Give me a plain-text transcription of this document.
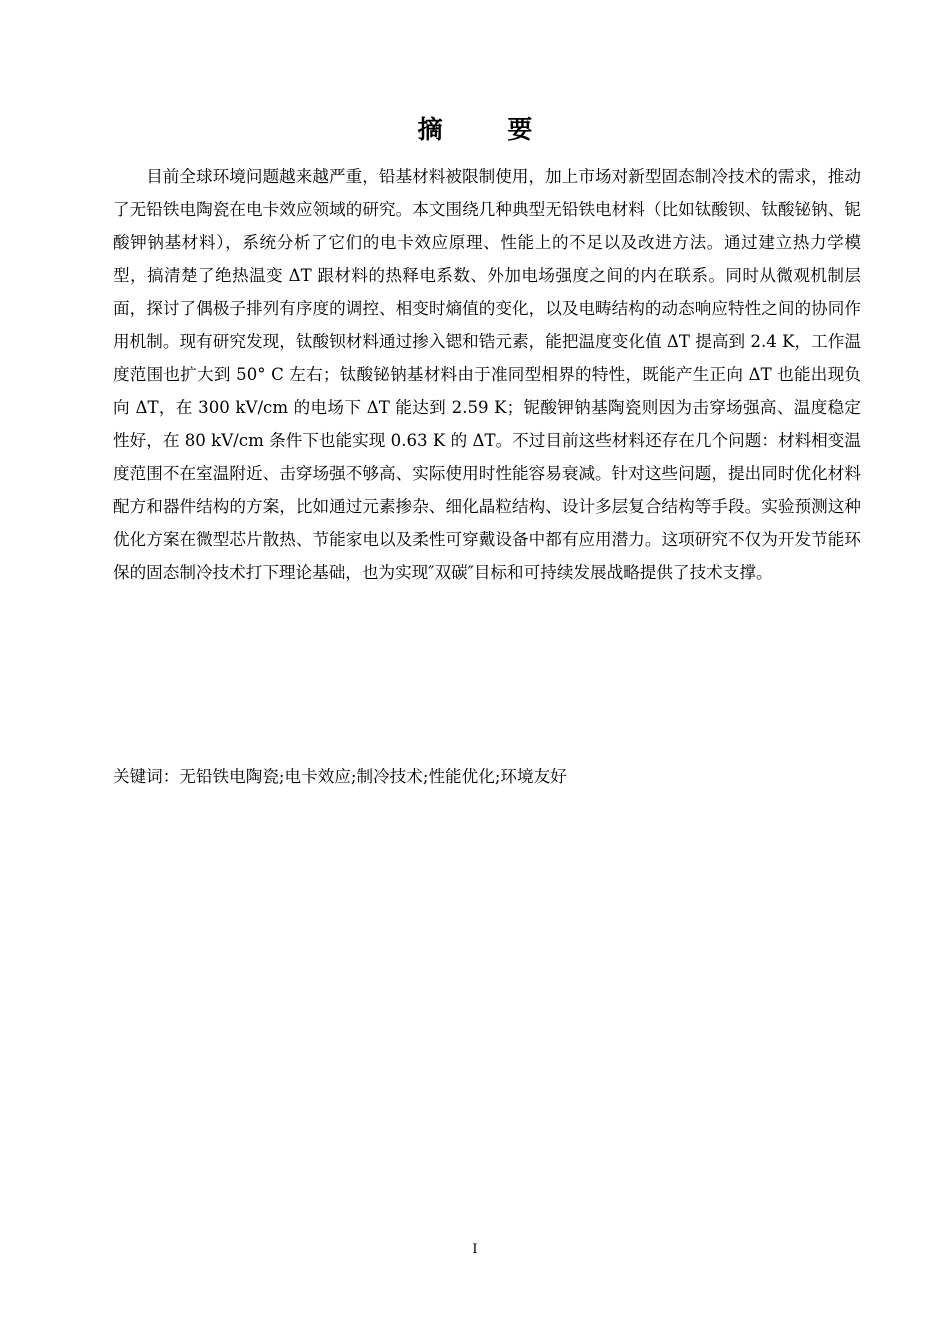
摘 要
目前全球环境问题越来越严重，铅基材料被限制使用，加上市场对新型固态制冷技术的需求，推动了无铅铁电陶瓷在电卡效应领域的研究。本文围绕几种典型无铅铁电材料（比如钛酸钡、钛酸铋钠、铌酸钾钠基材料），系统分析了它们的电卡效应原理、性能上的不足以及改进方法。通过建立热力学模型，搞清楚了绝热温变 ΔT 跟材料的热释电系数、外加电场强度之间的内在联系。同时从微观机制层面，探讨了偶极子排列有序度的调控、相变时熵值的变化，以及电畴结构的动态响应特性之间的协同作用机制。现有研究发现，钛酸钡材料通过掺入锶和锆元素，能把温度变化值 ΔT 提高到 2.4 K，工作温度范围也扩大到 50° C 左右；钛酸铋钠基材料由于准同型相界的特性，既能产生正向 ΔT 也能出现负向 ΔT，在 300 kV/cm 的电场下 ΔT 能达到 2.59 K；铌酸钾钠基陶瓷则因为击穿场强高、温度稳定性好，在 80 kV/cm 条件下也能实现 0.63 K 的 ΔT。不过目前这些材料还存在几个问题：材料相变温度范围不在室温附近、击穿场强不够高、实际使用时性能容易衰减。针对这些问题，提出同时优化材料配方和器件结构的方案，比如通过元素掺杂、细化晶粒结构、设计多层复合结构等手段。实验预测这种优化方案在微型芯片散热、节能家电以及柔性可穿戴设备中都有应用潜力。这项研究不仅为开发节能环保的固态制冷技术打下理论基础，也为实现″双碳″目标和可持续发展战略提供了技术支撑。
关键词：无铅铁电陶瓷;电卡效应;制冷技术;性能优化;环境友好
I
